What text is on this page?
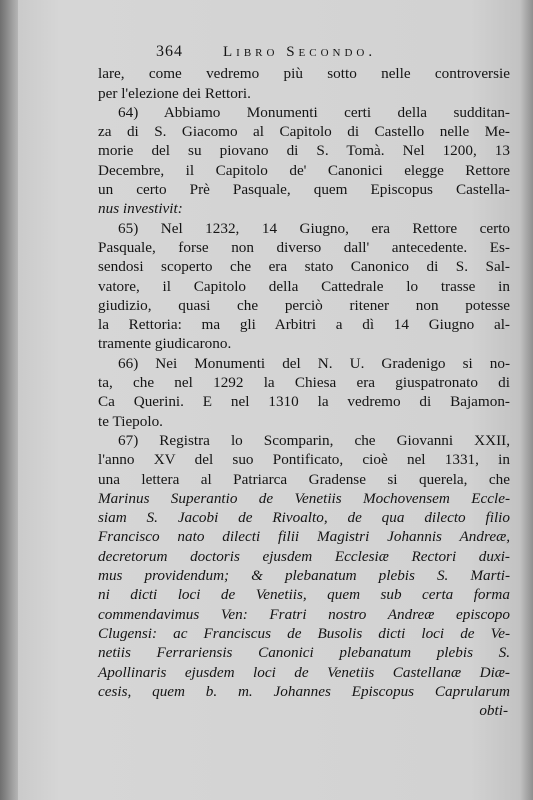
364	Libro Secondo.
lare, come vedremo più sotto nelle controversie
per l'elezione dei Rettori.
64) Abbiamo Monumenti certi della sudditan-
za di S. Giacomo al Capitolo di Castello nelle Me-
morie del su piovano di S. Tomà. Nel 1200, 13
Decembre, il Capitolo de' Canonici elegge Rettore
un certo Prè Pasquale, quem Episcopus Castella-
nus investivit:
65) Nel 1232, 14 Giugno, era Rettore certo
Pasquale, forse non diverso dall' antecedente. Es-
sendosi scoperto che era stato Canonico di S. Sal-
vatore, il Capitolo della Cattedrale lo trasse in
giudizio, quasi che perciò ritener non potesse
la Rettoria: ma gli Arbitri a dì 14 Giugno al-
tramente giudicarono.
66) Nei Monumenti del N. U. Gradenigo si no-
ta, che nel 1292 la Chiesa era giuspatronato di
Ca Querini. E nel 1310 la vedremo di Bajamon-
te Tiepolo.
67) Registra lo Scomparin, che Giovanni XXII,
l'anno XV del suo Pontificato, cioè nel 1331, in
una lettera al Patriarca Gradense si querela, che
Marinus Superantio de Venetiis Mochovensem Eccle-
siam S. Jacobi de Rivoalto, de qua dilecto filio
Francisco nato dilecti filii Magistri Johannis Andreæ,
decretorum doctoris ejusdem Ecclesiæ Rectori duxi-
mus providendum; & plebanatum plebis S. Marti-
ni dicti loci de Venetiis, quem sub certa forma
commendavimus Ven: Fratri nostro Andreæ episcopo
Clugensi: ac Franciscus de Busolis dicti loci de Ve-
netiis Ferrariensis Canonici plebanatum plebis S.
Apollinaris ejusdem loci de Venetiis Castellanæ Diæ-
cesis, quem b. m. Johannes Episcopus Caprularum
obti-
